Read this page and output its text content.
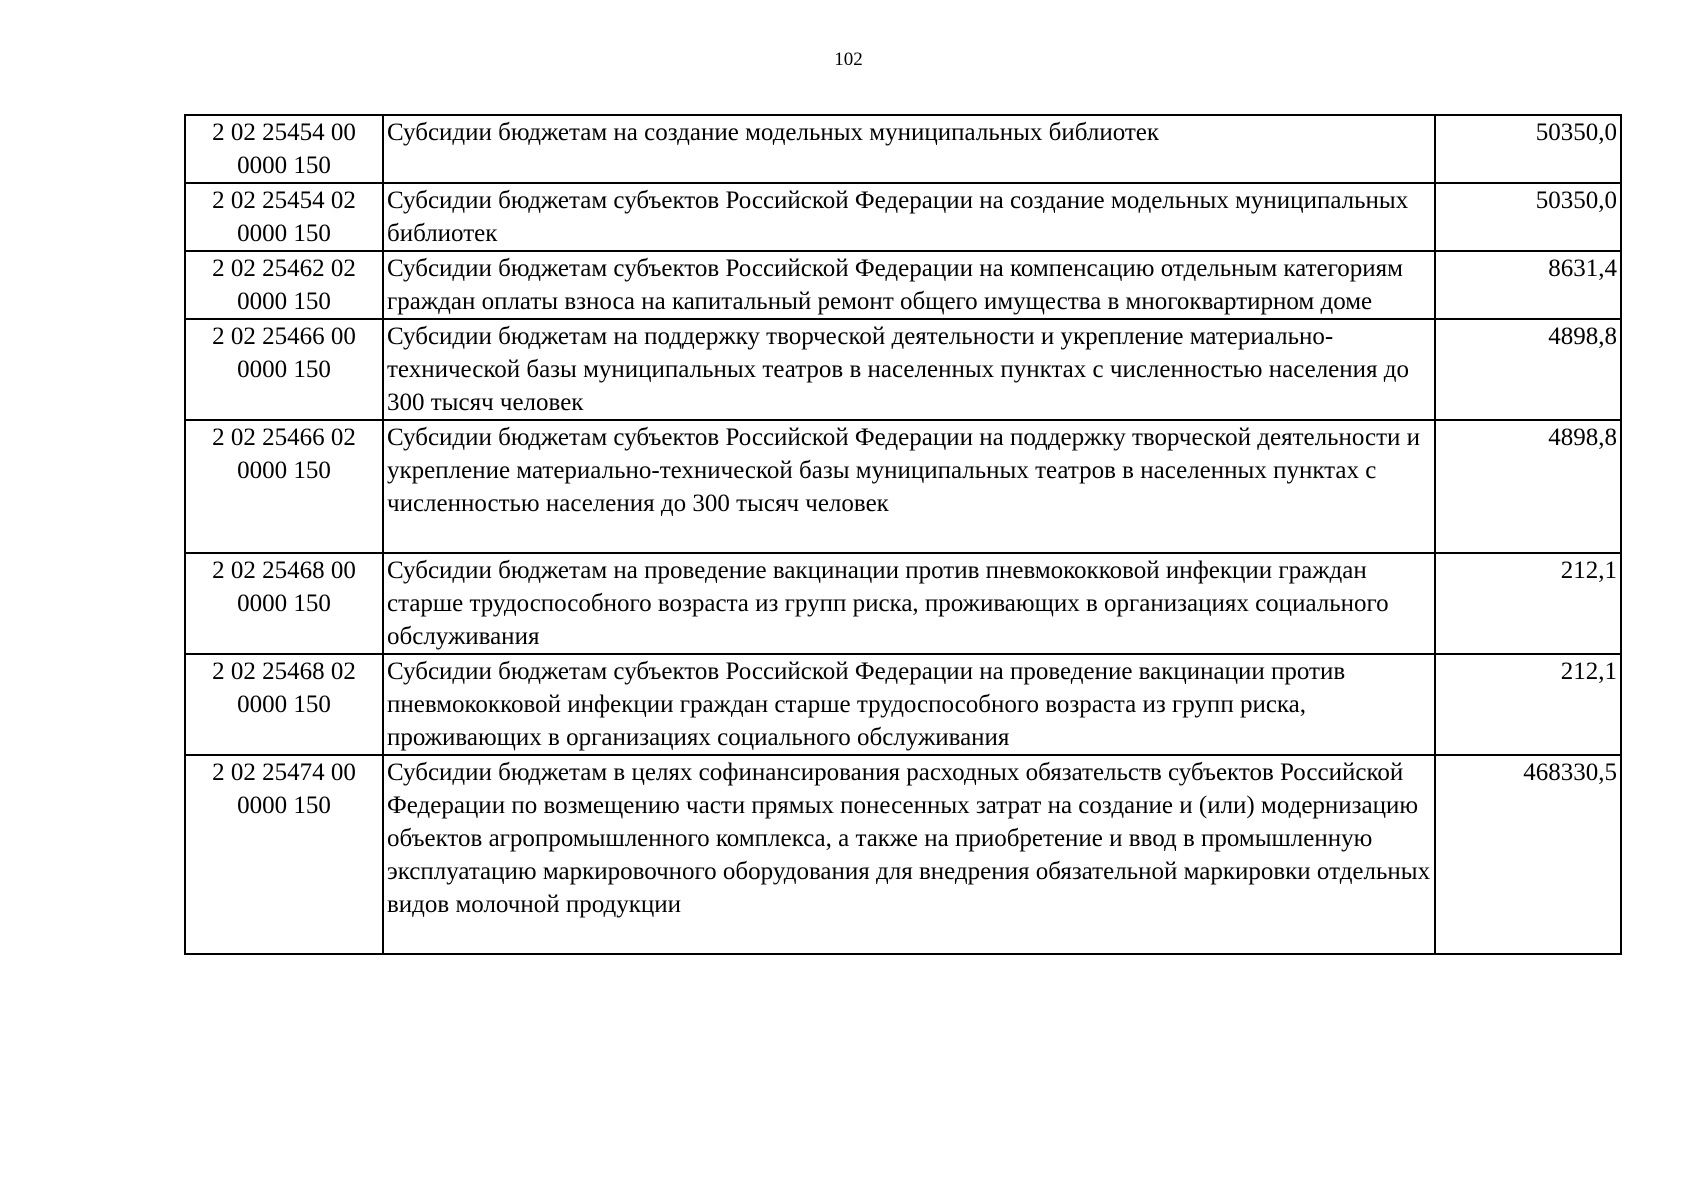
102
2 02 25454 00 0000 150	Субсидии бюджетам на создание модельных муниципальных библиотек	50350,0
2 02 25454 02 0000 150	Субсидии бюджетам субъектов Российской Федерации на создание модельных муниципальных библиотек	50350,0
2 02 25462 02 0000 150	Субсидии бюджетам субъектов Российской Федерации на компенсацию отдельным категориям граждан оплаты взноса на капитальный ремонт общего имущества в многоквартирном доме	8631,4
2 02 25466 00 0000 150	Субсидии бюджетам на поддержку творческой деятельности и укрепление материально-технической базы муниципальных театров в населенных пунктах с численностью населения до 300 тысяч человек	4898,8
2 02 25466 02 0000 150	Субсидии бюджетам субъектов Российской Федерации на поддержку творческой деятельности и укрепление материально-технической базы муниципальных театров в населенных пунктах с численностью населения до 300 тысяч человек	4898,8
2 02 25468 00 0000 150	Субсидии бюджетам на проведение вакцинации против пневмококковой инфекции граждан старше трудоспособного возраста из групп риска, проживающих в организациях социального обслуживания	212,1
2 02 25468 02 0000 150	Субсидии бюджетам субъектов Российской Федерации на проведение вакцинации против пневмококковой инфекции граждан старше трудоспособного возраста из групп риска, проживающих в организациях социального обслуживания	212,1
2 02 25474 00 0000 150	Субсидии бюджетам в целях софинансирования расходных обязательств субъектов Российской Федерации по возмещению части прямых понесенных затрат на создание и (или) модернизацию объектов агропромышленного комплекса, а также на приобретение и ввод в промышленную эксплуатацию маркировочного оборудования для внедрения обязательной маркировки отдельных видов молочной продукции	468330,5
